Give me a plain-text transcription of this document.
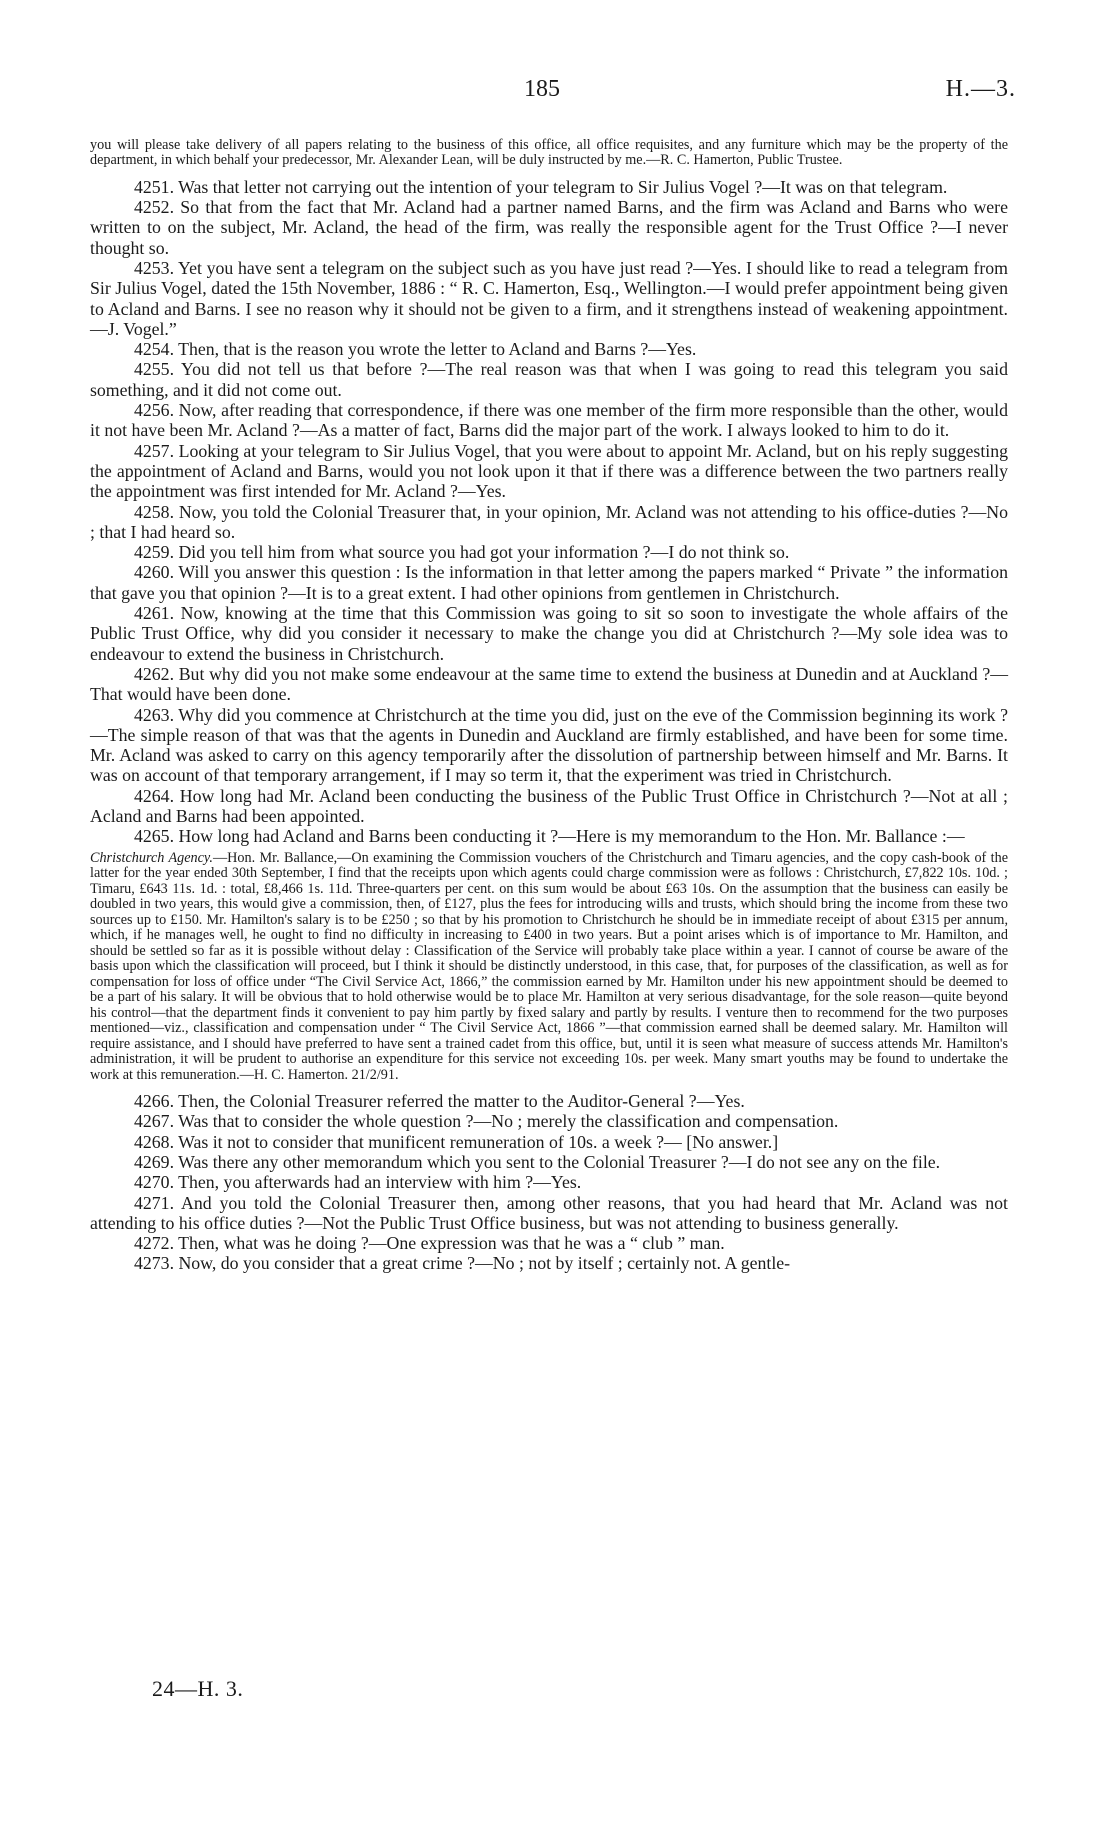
185	H.—3.

you will please take delivery of all papers relating to the business of this office, all office requisites, and any furniture which may be the property of the department, in which behalf your predecessor, Mr. Alexander Lean, will be duly instructed by me.—R. C. Hamerton, Public Trustee.

4251. Was that letter not carrying out the intention of your telegram to Sir Julius Vogel ?—It was on that telegram.

4252. So that from the fact that Mr. Acland had a partner named Barns, and the firm was Acland and Barns who were written to on the subject, Mr. Acland, the head of the firm, was really the responsible agent for the Trust Office ?—I never thought so.

4253. Yet you have sent a telegram on the subject such as you have just read ?—Yes. I should like to read a telegram from Sir Julius Vogel, dated the 15th November, 1886 : “ R. C. Hamerton, Esq., Wellington.—I would prefer appointment being given to Acland and Barns. I see no reason why it should not be given to a firm, and it strengthens instead of weakening appointment.—J. Vogel.”

4254. Then, that is the reason you wrote the letter to Acland and Barns ?—Yes.

4255. You did not tell us that before ?—The real reason was that when I was going to read this telegram you said something, and it did not come out.

4256. Now, after reading that correspondence, if there was one member of the firm more responsible than the other, would it not have been Mr. Acland ?—As a matter of fact, Barns did the major part of the work. I always looked to him to do it.

4257. Looking at your telegram to Sir Julius Vogel, that you were about to appoint Mr. Acland, but on his reply suggesting the appointment of Acland and Barns, would you not look upon it that if there was a difference between the two partners really the appointment was first intended for Mr. Acland ?—Yes.

4258. Now, you told the Colonial Treasurer that, in your opinion, Mr. Acland was not attending to his office-duties ?—No ; that I had heard so.

4259. Did you tell him from what source you had got your information ?—I do not think so.

4260. Will you answer this question : Is the information in that letter among the papers marked “ Private ” the information that gave you that opinion ?—It is to a great extent. I had other opinions from gentlemen in Christchurch.

4261. Now, knowing at the time that this Commission was going to sit so soon to investigate the whole affairs of the Public Trust Office, why did you consider it necessary to make the change you did at Christchurch ?—My sole idea was to endeavour to extend the business in Christchurch.

4262. But why did you not make some endeavour at the same time to extend the business at Dunedin and at Auckland ?—That would have been done.

4263. Why did you commence at Christchurch at the time you did, just on the eve of the Commission beginning its work ?—The simple reason of that was that the agents in Dunedin and Auckland are firmly established, and have been for some time. Mr. Acland was asked to carry on this agency temporarily after the dissolution of partnership between himself and Mr. Barns. It was on account of that temporary arrangement, if I may so term it, that the experiment was tried in Christchurch.

4264. How long had Mr. Acland been conducting the business of the Public Trust Office in Christchurch ?—Not at all ; Acland and Barns had been appointed.

4265. How long had Acland and Barns been conducting it ?—Here is my memorandum to the Hon. Mr. Ballance :—

Christchurch Agency.—Hon. Mr. Ballance,—On examining the Commission vouchers of the Christchurch and Timaru agencies, and the copy cash-book of the latter for the year ended 30th September, I find that the receipts upon which agents could charge commission were as follows : Christchurch, £7,822 10s. 10d. ; Timaru, £643 11s. 1d. : total, £8,466 1s. 11d. Three-quarters per cent. on this sum would be about £63 10s. On the assumption that the business can easily be doubled in two years, this would give a commission, then, of £127, plus the fees for introducing wills and trusts, which should bring the income from these two sources up to £150. Mr. Hamilton's salary is to be £250 ; so that by his promotion to Christchurch he should be in immediate receipt of about £315 per annum, which, if he manages well, he ought to find no difficulty in increasing to £400 in two years. But a point arises which is of importance to Mr. Hamilton, and should be settled so far as it is possible without delay : Classification of the Service will probably take place within a year. I cannot of course be aware of the basis upon which the classification will proceed, but I think it should be distinctly understood, in this case, that, for purposes of the classification, as well as for compensation for loss of office under “The Civil Service Act, 1866,” the commission earned by Mr. Hamilton under his new appointment should be deemed to be a part of his salary. It will be obvious that to hold otherwise would be to place Mr. Hamilton at very serious disadvantage, for the sole reason—quite beyond his control—that the department finds it convenient to pay him partly by fixed salary and partly by results. I venture then to recommend for the two purposes mentioned—viz., classification and compensation under “ The Civil Service Act, 1866 ”—that commission earned shall be deemed salary. Mr. Hamilton will require assistance, and I should have preferred to have sent a trained cadet from this office, but, until it is seen what measure of success attends Mr. Hamilton's administration, it will be prudent to authorise an expenditure for this service not exceeding 10s. per week. Many smart youths may be found to undertake the work at this remuneration.—H. C. Hamerton. 21/2/91.

4266. Then, the Colonial Treasurer referred the matter to the Auditor-General ?—Yes.

4267. Was that to consider the whole question ?—No ; merely the classification and compensation.

4268. Was it not to consider that munificent remuneration of 10s. a week ?— [No answer.]

4269. Was there any other memorandum which you sent to the Colonial Treasurer ?—I do not see any on the file.

4270. Then, you afterwards had an interview with him ?—Yes.

4271. And you told the Colonial Treasurer then, among other reasons, that you had heard that Mr. Acland was not attending to his office duties ?—Not the Public Trust Office business, but was not attending to business generally.

4272. Then, what was he doing ?—One expression was that he was a “ club ” man.

4273. Now, do you consider that a great crime ?—No ; not by itself ; certainly not. A gentle-

24—H. 3.
